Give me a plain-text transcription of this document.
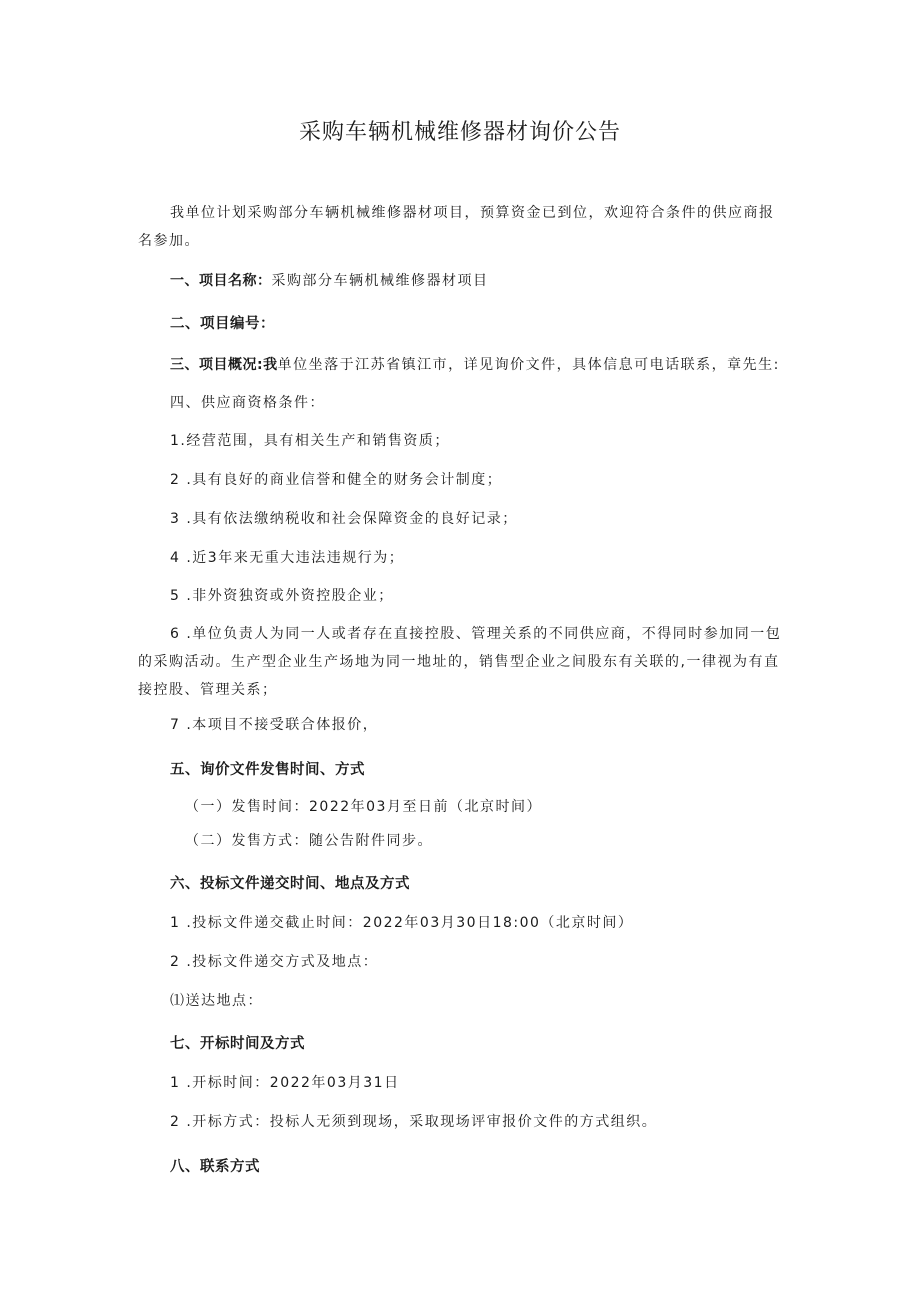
采购车辆机械维修器材询价公告
我单位计划采购部分车辆机械维修器材项目，预算资金已到位，欢迎符合条件的供应商报名参加。
一、项目名称：采购部分车辆机械维修器材项目
二、项目编号：
三、项目概况:我单位坐落于江苏省镇江市，详见询价文件，具体信息可电话联系，章先生:
四、供应商资格条件：
1.经营范围，具有相关生产和销售资质；
2 .具有良好的商业信誉和健全的财务会计制度；
3 .具有依法缴纳税收和社会保障资金的良好记录；
4 .近3年来无重大违法违规行为；
5 .非外资独资或外资控股企业；
6 .单位负责人为同一人或者存在直接控股、管理关系的不同供应商，不得同时参加同一包的采购活动。生产型企业生产场地为同一地址的，销售型企业之间股东有关联的,一律视为有直接控股、管理关系；
7 .本项目不接受联合体报价，
五、询价文件发售时间、方式
（一）发售时间：2022年03月至日前（北京时间）
（二）发售方式：随公告附件同步。
六、投标文件递交时间、地点及方式
1 .投标文件递交截止时间：2022年03月30日18:00（北京时间）
2 .投标文件递交方式及地点：
⑴送达地点：
七、开标时间及方式
1 .开标时间：2022年03月31日
2 .开标方式：投标人无须到现场，采取现场评审报价文件的方式组织。
八、联系方式
